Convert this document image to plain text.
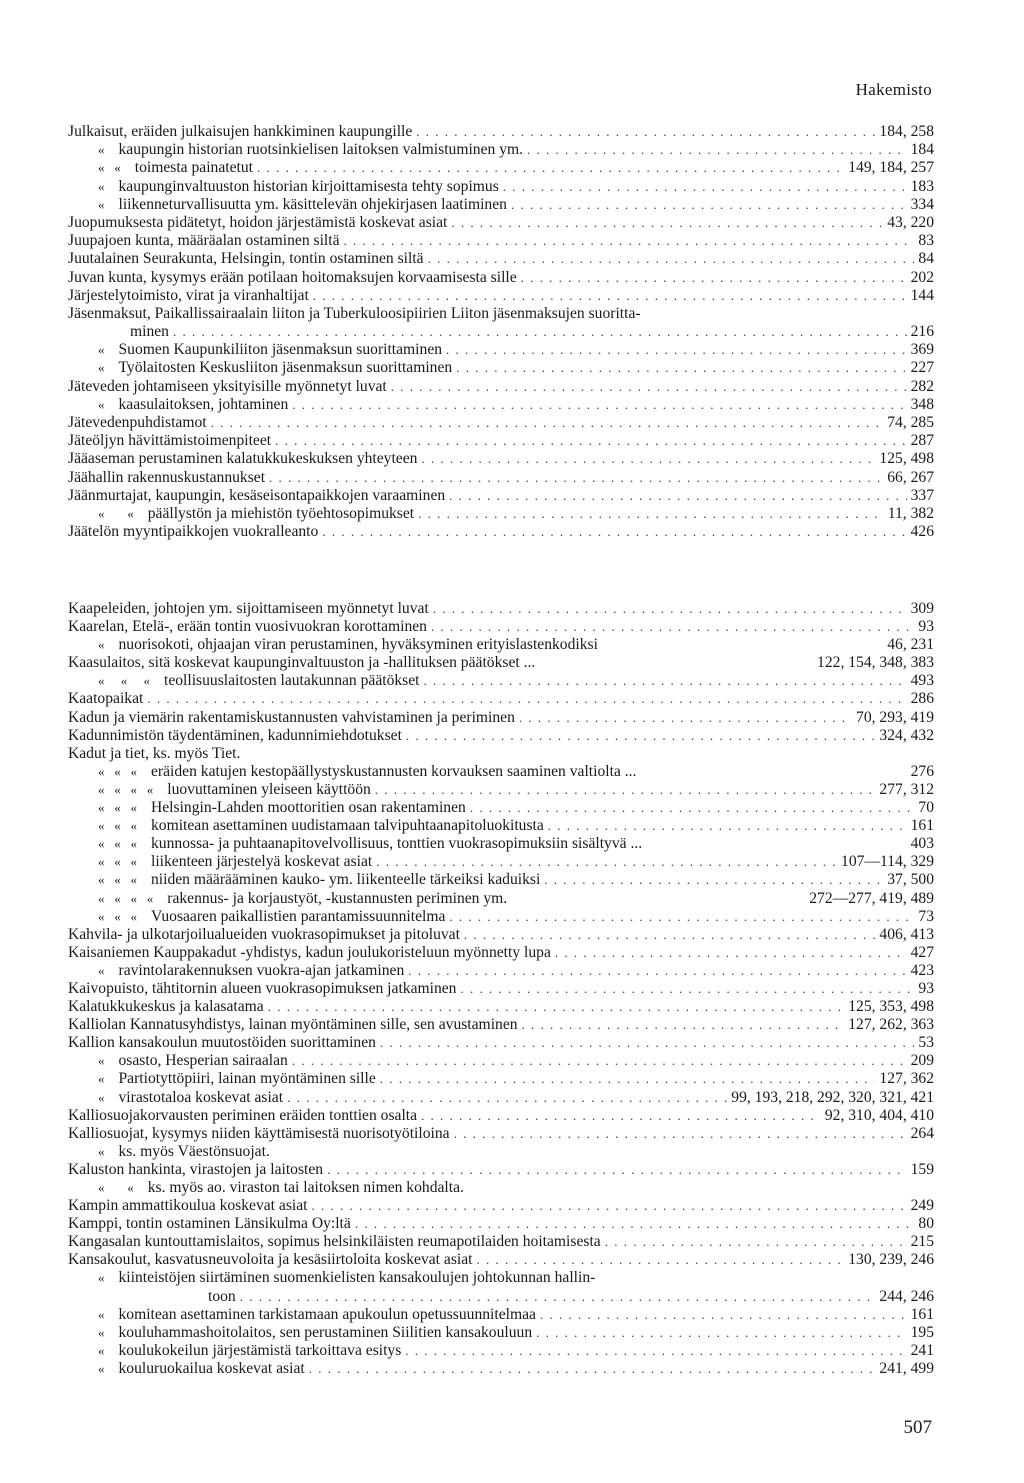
Hakemisto
Julkaisut, eräiden julkaisujen hankkiminen kaupungille . . .	184, 258
« kaupungin historian ruotsinkielisen laitoksen valmistuminen ym. . . .	184
«   « toimesta painatetut . . .	149, 184, 257
« kaupunginvaltuuston historian kirjoittamisesta tehty sopimus . . .	183
« liikenneturvallisuutta ym. käsittelevän ohjekirjasen laatiminen . . .	334
Juopumuksesta pidätetyt, hoidon järjestämistä koskevat asiat . . .	43, 220
Juupajoen kunta, määräalan ostaminen siltä . . .	83
Juutalainen Seurakunta, Helsingin, tontin ostaminen siltä . . .	84
Juvan kunta, kysymys erään potilaan hoitomaksujen korvaamisesta sille . . .	202
Järjestelytoimisto, virat ja viranhaltijat . . .	144
Jäsenmaksut, Paikallissairaalain liiton ja Tuberkuloosipiirien Liiton jäsenmaksujen suoritta-
minen . . .	216
« Suomen Kaupunkiliiton jäsenmaksun suorittaminen . . .	369
« Työlaitosten Keskusliiton jäsenmaksun suorittaminen . . .	227
Jäteveden johtamiseen yksityisille myönnetyt luvat . . .	282
« kaasulaitoksen, johtaminen . . .	348
Jätevedenpuhdistamot . . .	74, 285
Jäteöljyn hävittämistoimenpiteet . . .	287
Jääaseman perustaminen kalatukkukeskuksen yhteyteen . . .	125, 498
Jäähallin rakennuskustannukset . . .	66, 267
Jäänmurtajat, kaupungin, kesäseisontapaikkojen varaaminen . . .	337
«       « päällystön ja miehistön työehtosopimukset . . .	11, 382
Jäätelön myyntipaikkojen vuokralleanto . . .	426
Kaapeleiden, johtojen ym. sijoittamiseen myönnetyt luvat . . .	309
Kaarelan, Etelä-, erään tontin vuosivuokran korottaminen . . .	93
« nuorisokoti, ohjaajan viran perustaminen, hyväksyminen erityislastenkodiksi	46, 231
Kaasulaitos, sitä koskevat kaupunginvaltuuston ja -hallituksen päätökset ...	122, 154, 348, 383
«     «     « teollisuuslaitosten lautakunnan päätökset . . .	493
Kaatopaikat . . .	286
Kadun ja viemärin rakentamiskustannusten vahvistaminen ja periminen . . .	70, 293, 419
Kadunnimistön täydentäminen, kadunnimiehdotukset . . .	324, 432
Kadut ja tiet, ks. myös Tiet.
«   «   « eräiden katujen kestopäällystyskustannusten korvauksen saaminen valtiolta ...	276
«   «   «   « luovuttaminen yleiseen käyttöön . . .	277, 312
«   «   « Helsingin-Lahden moottoritien osan rakentaminen . . .	70
«   «   « komitean asettaminen uudistamaan talvipuhtaanapitoluokitusta . . .	161
«   «   « kunnossa- ja puhtaanapitovelvollisuus, tonttien vuokrasopimuksiin sisältyvä ...	403
«   «   « liikenteen järjestelyä koskevat asiat . . .	107—114, 329
«   «   « niiden määrääminen kauko- ym. liikenteelle tärkeiksi kaduiksi . . .	37, 500
«   «   «   « rakennus- ja korjaustyöt, -kustannusten periminen ym.	272—277, 419, 489
«   «   « Vuosaaren paikallistien parantamissuunnitelma . . .	73
Kahvila- ja ulkotarjoilualueiden vuokrasopimukset ja pitoluvat . . .	406, 413
Kaisaniemen Kauppakadut -yhdistys, kadun joulukoristeluun myönnetty lupa . . .	427
« ravintolarakennuksen vuokra-ajan jatkaminen . . .	423
Kaivopuisto, tähtitornin alueen vuokrasopimuksen jatkaminen . . .	93
Kalatukkukeskus ja kalasatama . . .	125, 353, 498
Kalliolan Kannatusyhdistys, lainan myöntäminen sille, sen avustaminen . . .	127, 262, 363
Kallion kansakoulun muutostöiden suorittaminen . . .	53
« osasto, Hesperian sairaalan . . .	209
« Partiotyttöpiiri, lainan myöntäminen sille . . .	127, 362
« virastotaloa koskevat asiat . . .	99, 193, 218, 292, 320, 321, 421
Kalliosuojakorvausten periminen eräiden tonttien osalta . . .	92, 310, 404, 410
Kalliosuojat, kysymys niiden käyttämisestä nuorisotyötiloina . . .	264
« ks. myös Väestönsuojat.
Kaluston hankinta, virastojen ja laitosten . . .	159
«       « ks. myös ao. viraston tai laitoksen nimen kohdalta.
Kampin ammattikoulua koskevat asiat . . .	249
Kamppi, tontin ostaminen Länsikulma Oy:ltä . . .	80
Kangasalan kuntouttamislaitos, sopimus helsinkiläisten reumapotilaiden hoitamisesta . . .	215
Kansakoulut, kasvatusneuvoloita ja kesäsiirtoloita koskevat asiat . . .	130, 239, 246
« kiinteistöjen siirtäminen suomenkielisten kansakoulujen johtokunnan hallin-
toon . . .	244, 246
« komitean asettaminen tarkistamaan apukoulun opetussuunnitelmaa . . .	161
« kouluhammashoitolaitos, sen perustaminen Siilitien kansakouluun . . .	195
« koulukokeilun järjestämistä tarkoittava esitys . . .	241
« kouluruokailua koskevat asiat . . .	241, 499
507
